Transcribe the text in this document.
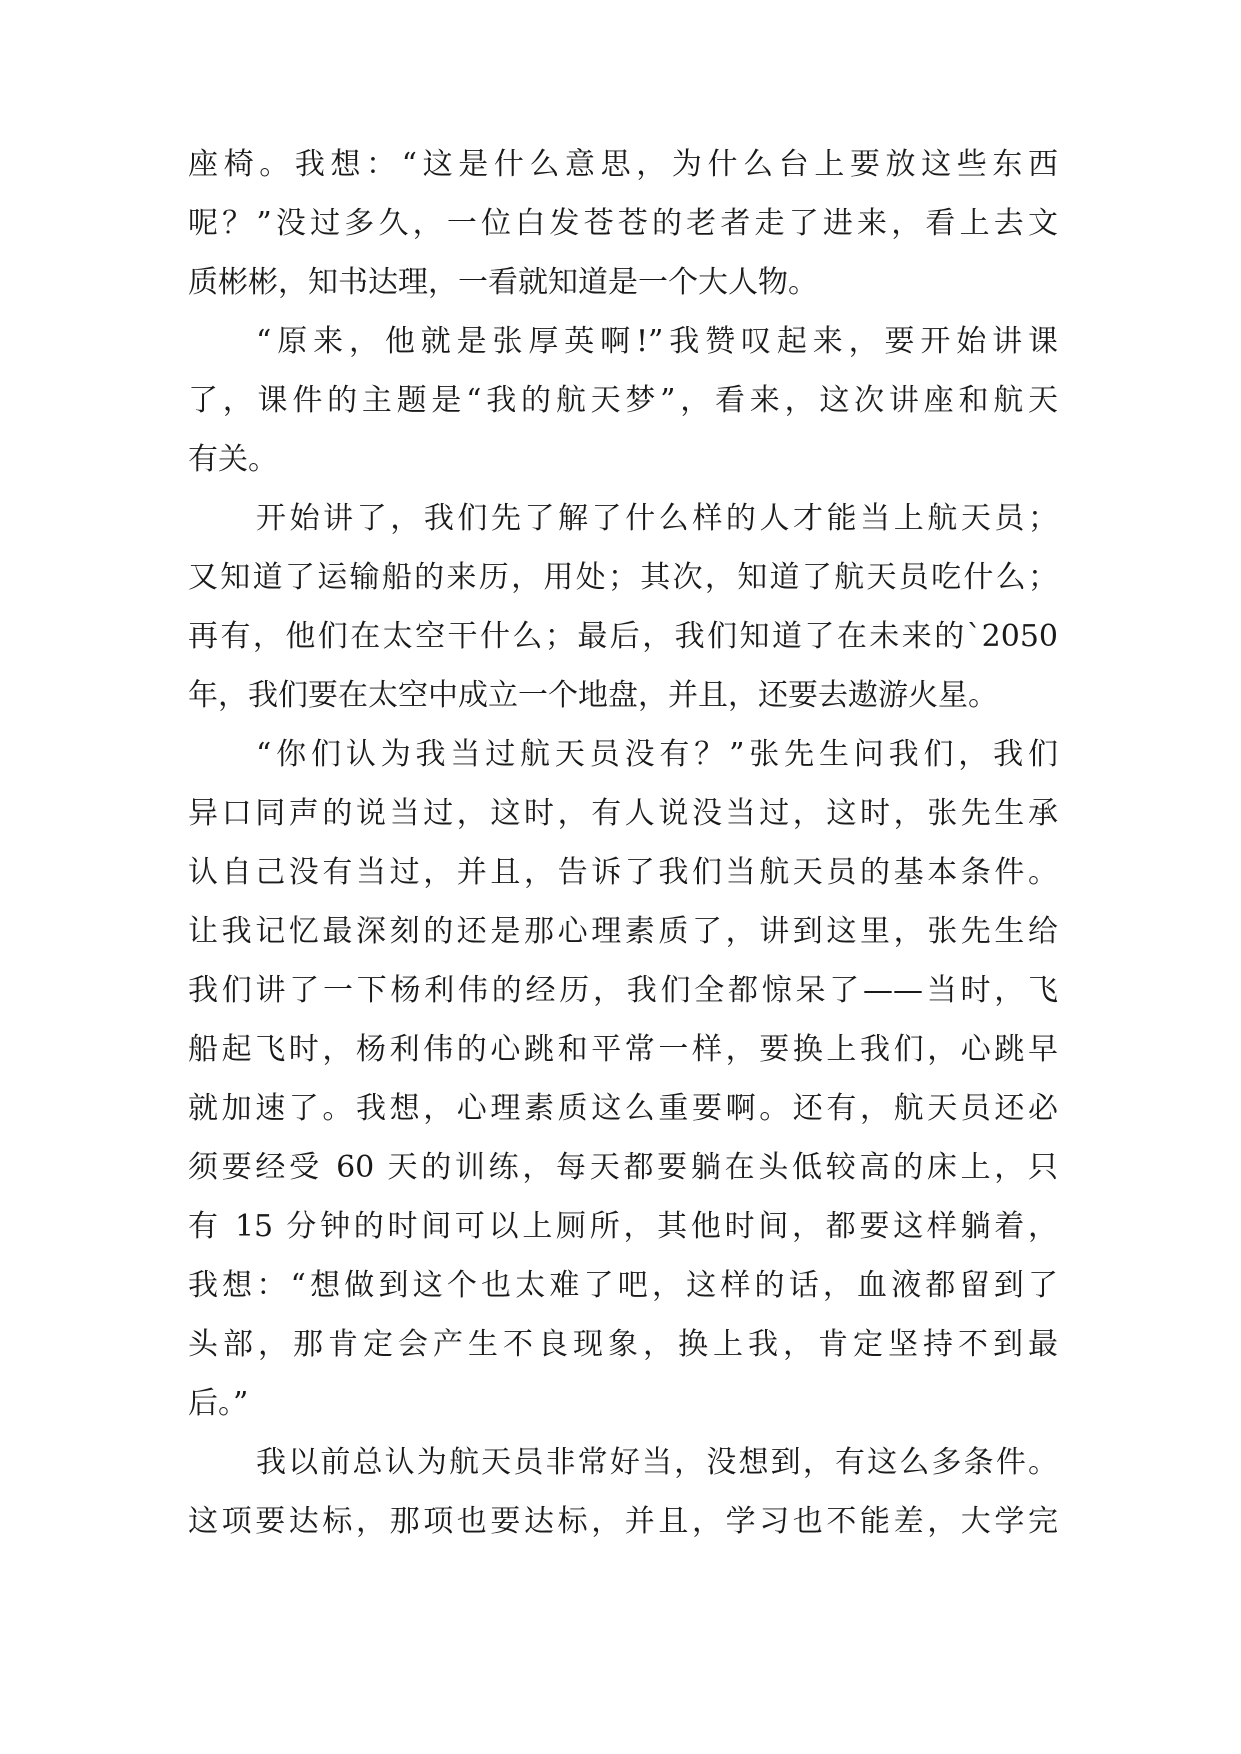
座椅。我想：“这是什么意思，为什么台上要放这些东西
呢？”没过多久，一位白发苍苍的老者走了进来，看上去文
质彬彬，知书达理，一看就知道是一个大人物。
“原来，他就是张厚英啊!”我赞叹起来，要开始讲课
了，课件的主题是“我的航天梦”，看来，这次讲座和航天
有关。
开始讲了，我们先了解了什么样的人才能当上航天员；
又知道了运输船的来历，用处；其次，知道了航天员吃什么；
再有，他们在太空干什么；最后，我们知道了在未来的`2050
年，我们要在太空中成立一个地盘，并且，还要去遨游火星。
“你们认为我当过航天员没有？”张先生问我们，我们
异口同声的说当过，这时，有人说没当过，这时，张先生承
认自己没有当过，并且，告诉了我们当航天员的基本条件。
让我记忆最深刻的还是那心理素质了，讲到这里，张先生给
我们讲了一下杨利伟的经历，我们全都惊呆了——当时，飞
船起飞时，杨利伟的心跳和平常一样，要换上我们，心跳早
就加速了。我想，心理素质这么重要啊。还有，航天员还必
须要经受 60 天的训练，每天都要躺在头低较高的床上，只
有 15 分钟的时间可以上厕所，其他时间，都要这样躺着，
我想：“想做到这个也太难了吧，这样的话，血液都留到了
头部，那肯定会产生不良现象，换上我，肯定坚持不到最
后。”
我以前总认为航天员非常好当，没想到，有这么多条件。
这项要达标，那项也要达标，并且，学习也不能差，大学完
